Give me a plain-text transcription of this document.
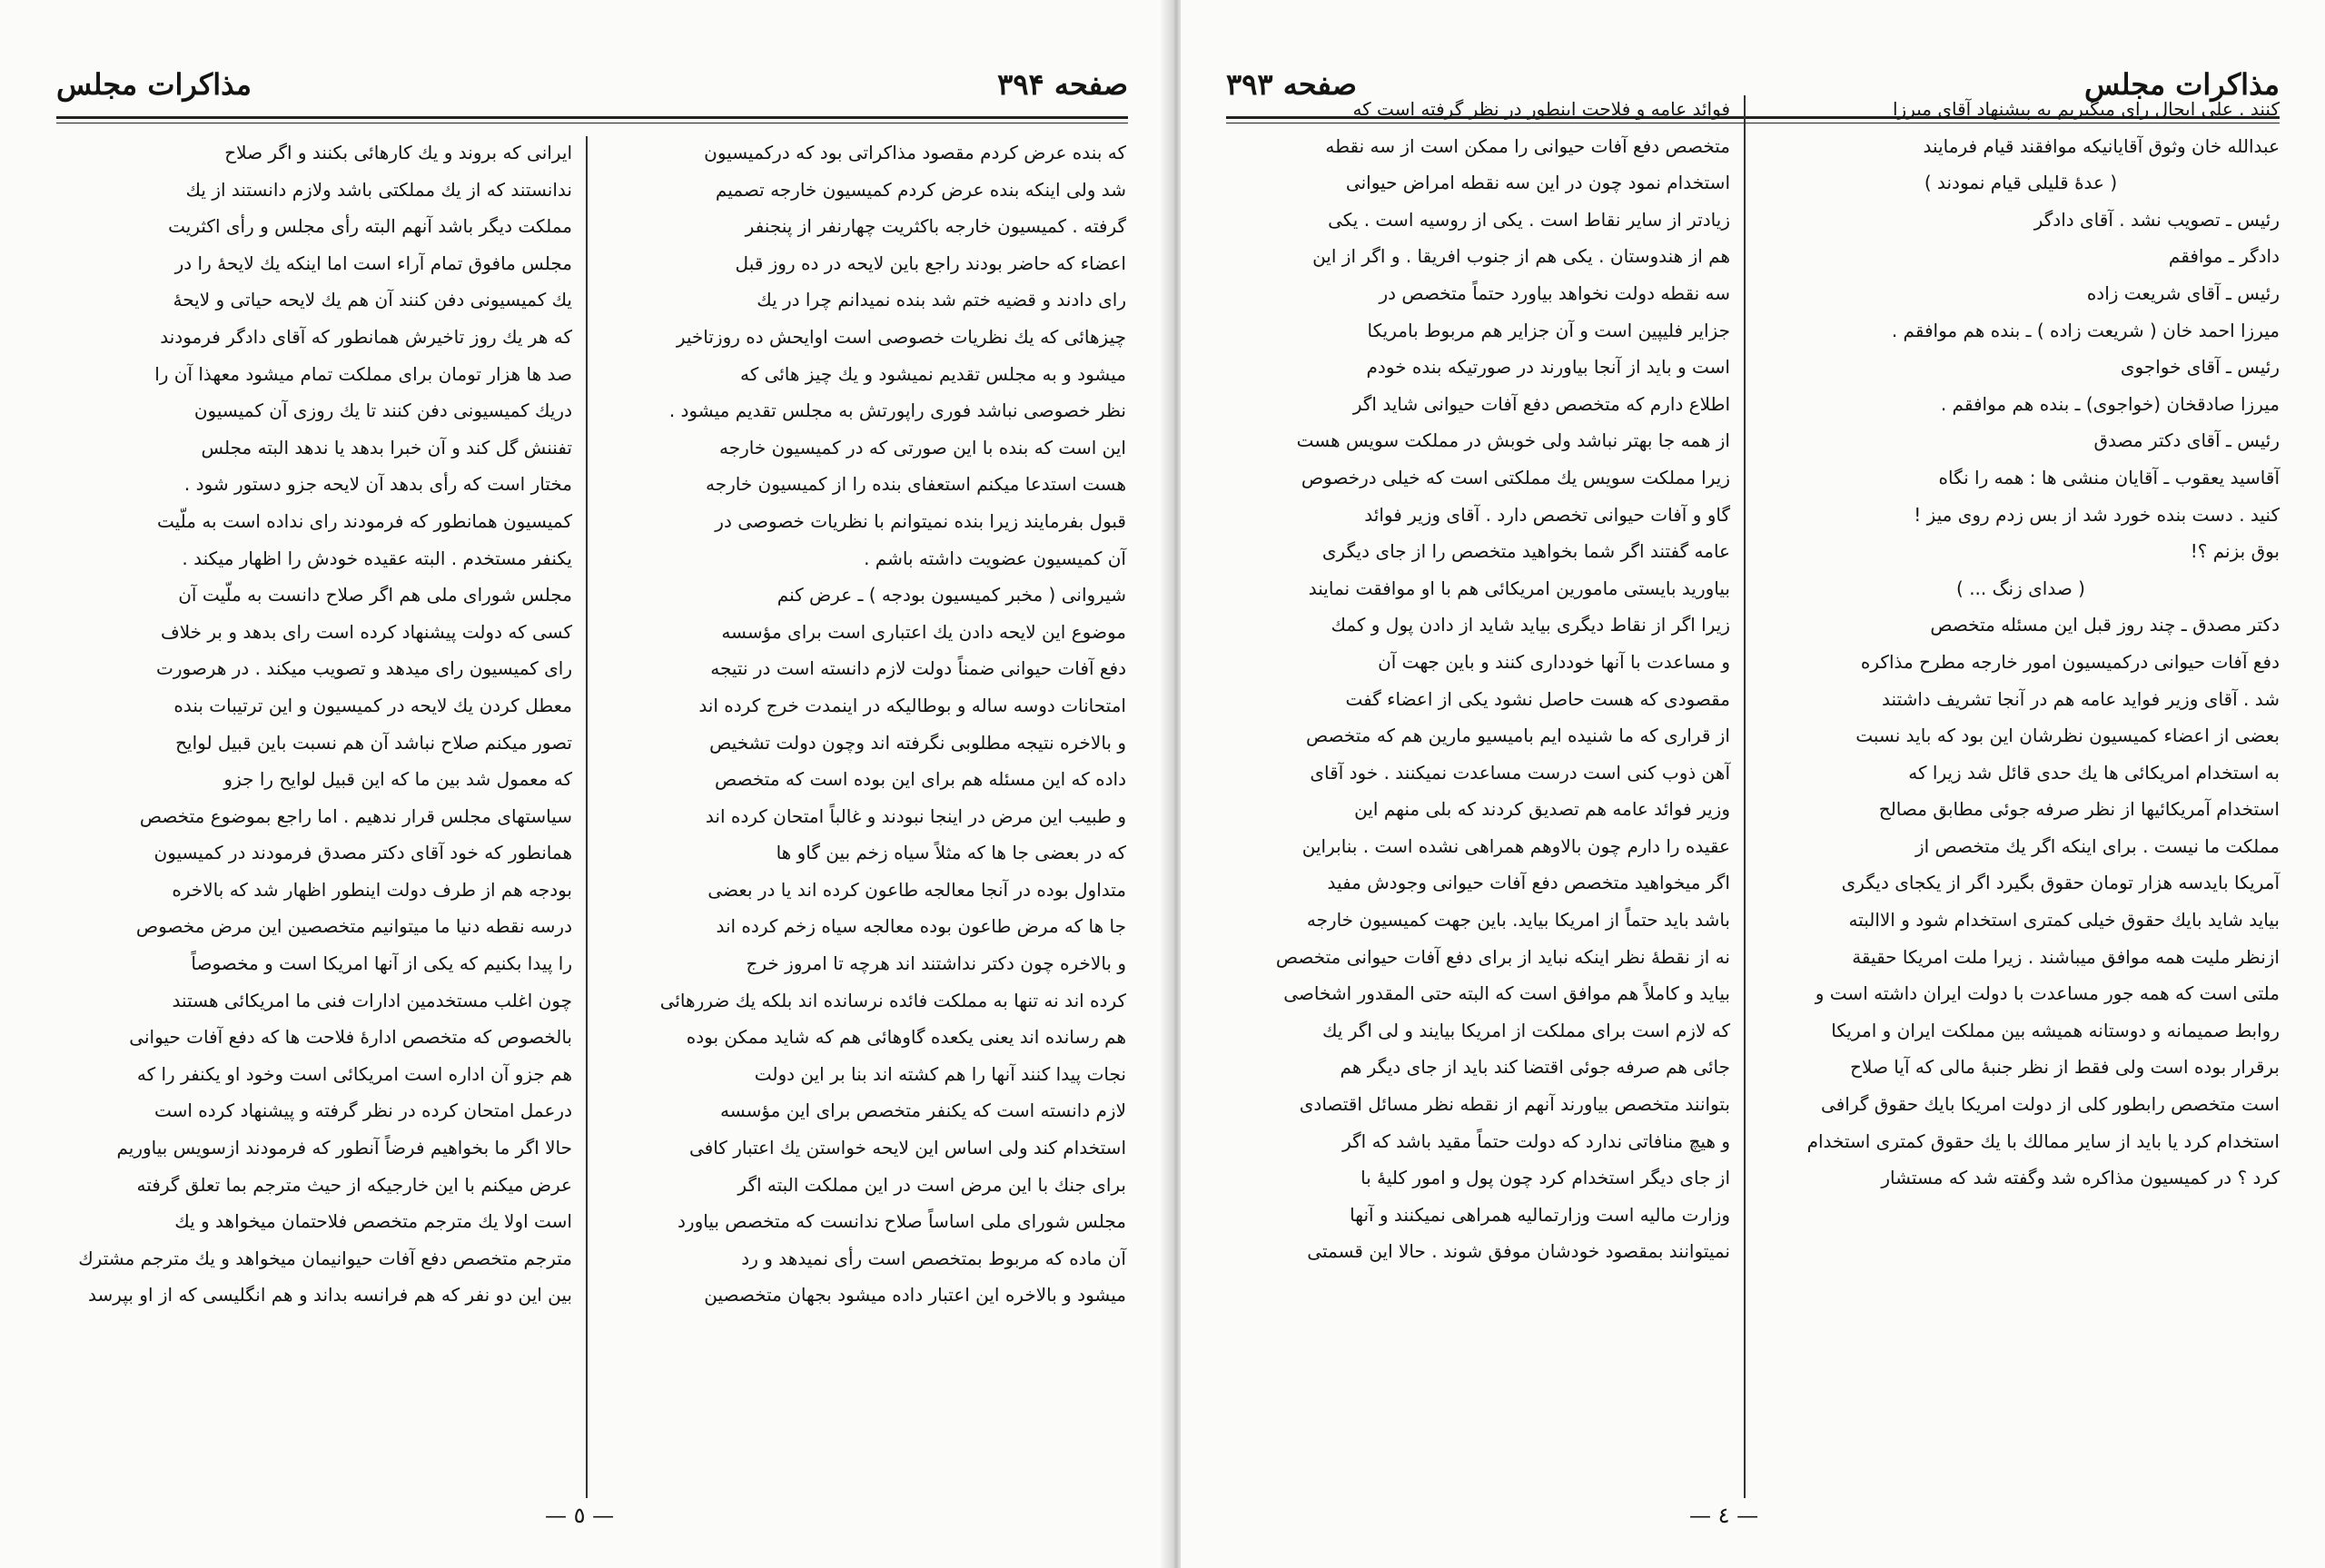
صفحه ۳۹۴
مذاكرات مجلس

كه بنده عرض كردم مقصود مذاكراتى بود كه دركميسيون

شد ولى اينكه بنده عرض كردم كميسيون خارجه تصميم

گرفته . كميسيون خارجه باكثريت چهارنفر از پنجنفر

اعضاء كه حاضر بودند راجع باين لايحه در ده روز قبل

راى دادند و قضيه ختم شد بنده نميدانم چرا در يك

چيزهائى كه يك نظريات خصوصى است اوايحش ده روزتاخير

ميشود و به مجلس تقديم نميشود و يك چيز هائى كه

نظر خصوصى نباشد فورى راپورتش به مجلس تقديم ميشود .

اين است كه بنده با اين صورتى كه در كميسيون خارجه

هست استدعا ميكنم استعفاى بنده را از كميسيون خارجه

قبول بفرمايند زيرا بنده نميتوانم با نظريات خصوصى در

آن كميسيون عضويت داشته باشم .

شيروانى ( مخبر كميسيون بودجه ) ـ عرض كنم

موضوع اين لايحه دادن يك اعتبارى است براى مؤسسه

دفع آفات حيوانى ضمناً دولت لازم دانسته است در نتيجه

امتحانات دوسه ساله و بوطاليكه در اينمدت خرج كرده اند

و بالاخره نتيجه مطلوبى نگرفته اند وچون دولت تشخيص

داده كه اين مسئله هم براى اين بوده است كه متخصص

و طبيب اين مرض در اينجا نبودند و غالباً امتحان كرده اند

كه در بعضى جا ها كه مثلاً سياه زخم بين گاو ها

متداول بوده در آنجا معالجه طاعون كرده اند يا در بعضى

جا ها كه مرض طاعون بوده معالجه سياه زخم كرده اند

و بالاخره چون دكتر نداشتند اند هرچه تا امروز خرج

كرده اند نه تنها به مملكت فائده نرسانده اند بلكه يك ضررهائى

هم رسانده اند يعنى يكعده گاوهائى هم كه شايد ممكن بوده

نجات پيدا كنند آنها را هم كشته اند بنا بر اين دولت

لازم دانسته است كه يكنفر متخصص براى اين مؤسسه

استخدام كند ولى اساس اين لايحه خواستن يك اعتبار كافى

براى جنك با اين مرض است در اين مملكت البته اگر

مجلس شوراى ملى اساساً صلاح ندانست كه متخصص بياورد

آن ماده كه مربوط بمتخصص است رأى نميدهد و رد

ميشود و بالاخره اين اعتبار داده ميشود بجهان متخصصين

ايرانى كه بروند و يك كارهائى بكنند و اگر صلاح

ندانستند كه از يك مملكتى باشد ولازم دانستند از يك

مملكت ديگر باشد آنهم البته رأى مجلس و رأى اكثريت

مجلس مافوق تمام آراء است اما اينكه يك لايحهٔ را در

يك كميسيونى دفن كنند آن هم يك لايحه حياتى و لايحهٔ

كه هر يك روز تاخيرش همانطور كه آقاى دادگر فرمودند

صد ها هزار تومان براى مملكت تمام ميشود معهذا آن را

دريك كميسيونى دفن كنند تا يك روزى آن كميسيون

تفننش گل كند و آن خبرا بدهد يا ندهد البته مجلس

مختار است كه رأى بدهد آن لايحه جزو دستور شود .

كميسيون همانطور كه فرمودند راى نداده است به ملّيت

يكنفر مستخدم . البته عقيده خودش را اظهار ميكند .

مجلس شوراى ملى هم اگر صلاح دانست به ملّيت آن

كسى كه دولت پيشنهاد كرده است راى بدهد و بر خلاف

راى كميسيون راى ميدهد و تصويب ميكند . در هرصورت

معطل كردن يك لايحه در كميسيون و اين ترتيبات بنده

تصور ميكنم صلاح نباشد آن هم نسبت باين قبيل لوايح

كه معمول شد بين ما كه اين قبيل لوايح را جزو

سياستهاى مجلس قرار ندهيم . اما راجع بموضوع متخصص

همانطور كه خود آقاى دكتر مصدق فرمودند در كميسيون

بودجه هم از طرف دولت اينطور اظهار شد كه بالاخره

درسه نقطه دنيا ما ميتوانيم متخصصين اين مرض مخصوص

را پيدا بكنيم كه يكى از آنها امريكا است و مخصوصاً

چون اغلب مستخدمين ادارات فنى ما امريكائى هستند

بالخصوص كه متخصص ادارهٔ فلاحت ها كه دفع آفات حيوانى

هم جزو آن اداره است امريكائى است وخود او يكنفر را كه

درعمل امتحان كرده در نظر گرفته و پيشنهاد كرده است

حالا اگر ما بخواهيم فرضاً آنطور كه فرمودند ازسويس بياوريم

عرض ميكنم با اين خارجيكه از حيث مترجم بما تعلق گرفته

است اولا يك مترجم متخصص فلاحتمان ميخواهد و يك

مترجم متخصص دفع آفات حيوانيمان ميخواهد و يك مترجم مشترك

بين اين دو نفر كه هم فرانسه بداند و هم انگليسى كه از او بپرسد

— ٥ —
مذاكرات مجلس
صفحه ۳۹۳

كنند . على ايحال راى ميگيريم به پيشنهاد آقاى ميرزا

عبدالله خان وثوق آقايانيكه موافقند قيام فرمايند

( عدهٔ قليلى قيام نمودند )

رئيس ـ تصويب نشد . آقاى دادگر

دادگر ـ موافقم

رئيس ـ آقاى شريعت زاده

ميرزا احمد خان ( شريعت زاده ) ـ بنده هم موافقم .

رئيس ـ آقاى خواجوى

ميرزا صادقخان (خواجوى) ـ بنده هم موافقم .

رئيس ـ آقاى دكتر مصدق

آقاسيد يعقوب ـ آقايان منشى ها : همه را نگاه

كنيد . دست بنده خورد شد از بس زدم روى ميز !

بوق بزنم ؟!

( صداى زنگ ... )

دكتر مصدق ـ چند روز قبل اين مسئله متخصص

دفع آفات حيوانى دركميسيون امور خارجه مطرح مذاكره

شد . آقاى وزير فوايد عامه هم در آنجا تشريف داشتند

بعضى از اعضاء كميسيون نظرشان اين بود كه بايد نسبت

به استخدام امريكائى ها يك حدى قائل شد زيرا كه

استخدام آمريكائيها از نظر صرفه جوئى مطابق مصالح

مملكت ما نيست . براى اينكه اگر يك متخصص از

آمريكا بايدسه هزار تومان حقوق بگيرد اگر از يكجاى ديگرى

بيايد شايد بايك حقوق خيلى كمترى استخدام شود و الاالبته

ازنظر مليت همه موافق ميباشند . زيرا ملت امريكا حقيقة

ملتى است كه همه جور مساعدت با دولت ايران داشته است و

روابط صميمانه و دوستانه هميشه بين مملكت ايران و امريكا

برقرار بوده است ولى فقط از نظر جنبهٔ مالى كه آيا صلاح

است متخصص رابطور كلى از دولت امريكا بايك حقوق گرافى

استخدام كرد يا بايد از ساير ممالك با يك حقوق كمترى استخدام

كرد ؟ در كميسيون مذاكره شد وگفته شد كه مستشار

فوائد عامه و فلاحت اينطور در نظر گرفته است كه

متخصص دفع آفات حيوانى را ممكن است از سه نقطه

استخدام نمود چون در اين سه نقطه امراض حيوانى

زيادتر از ساير نقاط است . يكى از روسيه است . يكى

هم از هندوستان . يكى هم از جنوب افريقا . و اگر از اين

سه نقطه دولت نخواهد بياورد حتماً متخصص در

جزاير فليپين است و آن جزاير هم مربوط بامريكا

است و بايد از آنجا بياورند در صورتيكه بنده خودم

اطلاع دارم كه متخصص دفع آفات حيوانى شايد اگر

از همه جا بهتر نباشد ولى خوبش در مملكت سويس هست

زيرا مملكت سويس يك مملكتى است كه خيلى درخصوص

گاو و آفات حيوانى تخصص دارد . آقاى وزير فوائد

عامه گفتند اگر شما بخواهيد متخصص را از جاى ديگرى

بياوريد بايستى مامورين امريكائى هم با او موافقت نمايند

زيرا اگر از نقاط ديگرى بيايد شايد از دادن پول و كمك

و مساعدت با آنها خودداری كنند و باين جهت آن

مقصودى كه هست حاصل نشود يكى از اعضاء گفت

از قرارى كه ما شنيده ايم باميسيو مارين هم كه متخصص

آهن ذوب كنى است درست مساعدت نميكنند . خود آقاى

وزير فوائد عامه هم تصديق كردند كه بلى منهم اين

عقيده را دارم چون بالاوهم همراهى نشده است . بنابراين

اگر ميخواهيد متخصص دفع آفات حيوانى وجودش مفيد

باشد بايد حتماً از امريكا بيايد. باين جهت كميسيون خارجه

نه از نقطهٔ نظر اينكه نبايد از براى دفع آفات حيوانى متخصص

بيايد و كاملاً هم موافق است كه البته حتى المقدور اشخاصى

كه لازم است براى مملكت از امريكا بيايند و لى اگر يك

جائى هم صرفه جوئى اقتضا كند بايد از جاى ديگر هم

بتوانند متخصص بياورند آنهم از نقطه نظر مسائل اقتصادى

و هيچ منافاتى ندارد كه دولت حتماً مقيد باشد كه اگر

از جاى ديگر استخدام كرد چون پول و امور كليهٔ با

وزارت ماليه است وزارتماليه همراهى نميكنند و آنها

نميتوانند بمقصود خودشان موفق شوند . حالا اين قسمتى

— ٤ —
